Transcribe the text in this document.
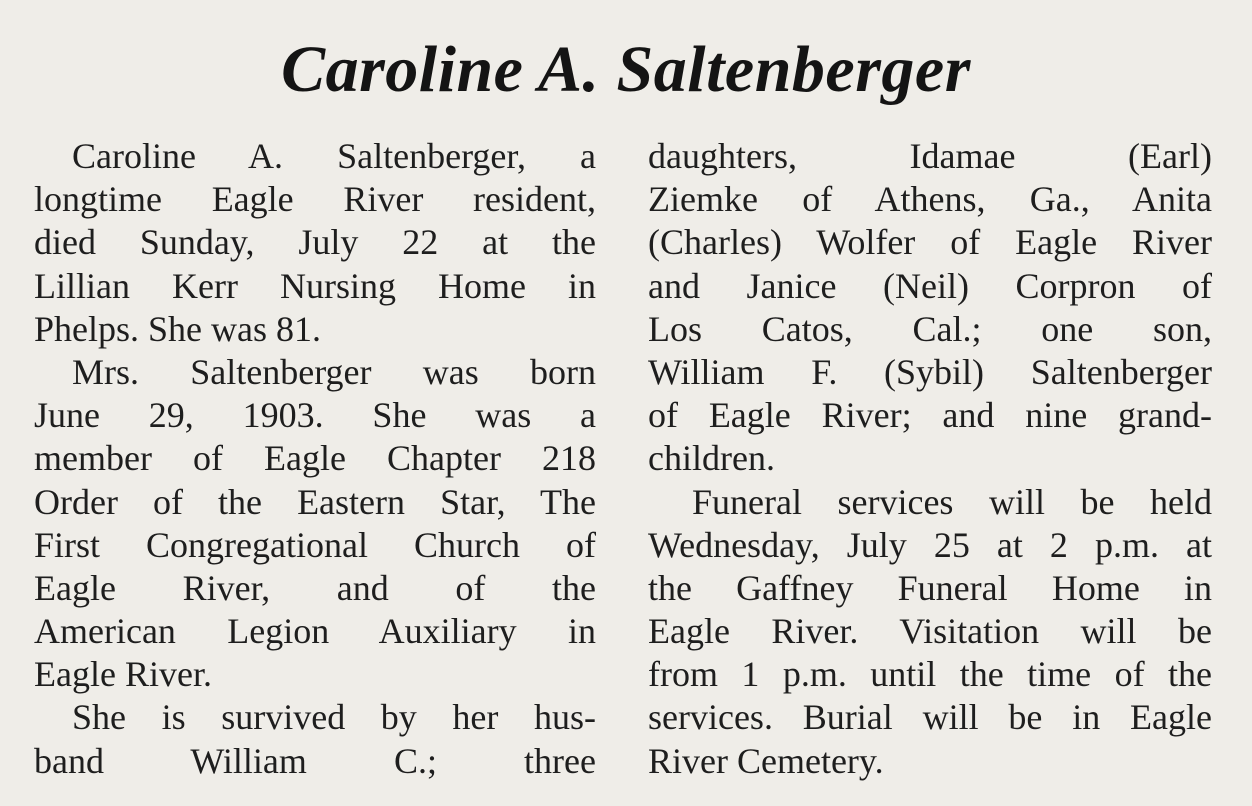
Caroline A. Saltenberger
Caroline A. Saltenberger, a
longtime Eagle River resident,
died Sunday, July 22 at the
Lillian Kerr Nursing Home in
Phelps. She was 81.
Mrs. Saltenberger was born
June 29, 1903. She was a
member of Eagle Chapter 218
Order of the Eastern Star, The
First Congregational Church of
Eagle River, and of the
American Legion Auxiliary in
Eagle River.
She is survived by her hus-
band William C.; three
daughters, Idamae (Earl)
Ziemke of Athens, Ga., Anita
(Charles) Wolfer of Eagle River
and Janice (Neil) Corpron of
Los Catos, Cal.; one son,
William F. (Sybil) Saltenberger
of Eagle River; and nine grand-
children.
Funeral services will be held
Wednesday, July 25 at 2 p.m. at
the Gaffney Funeral Home in
Eagle River. Visitation will be
from 1 p.m. until the time of the
services. Burial will be in Eagle
River Cemetery.
